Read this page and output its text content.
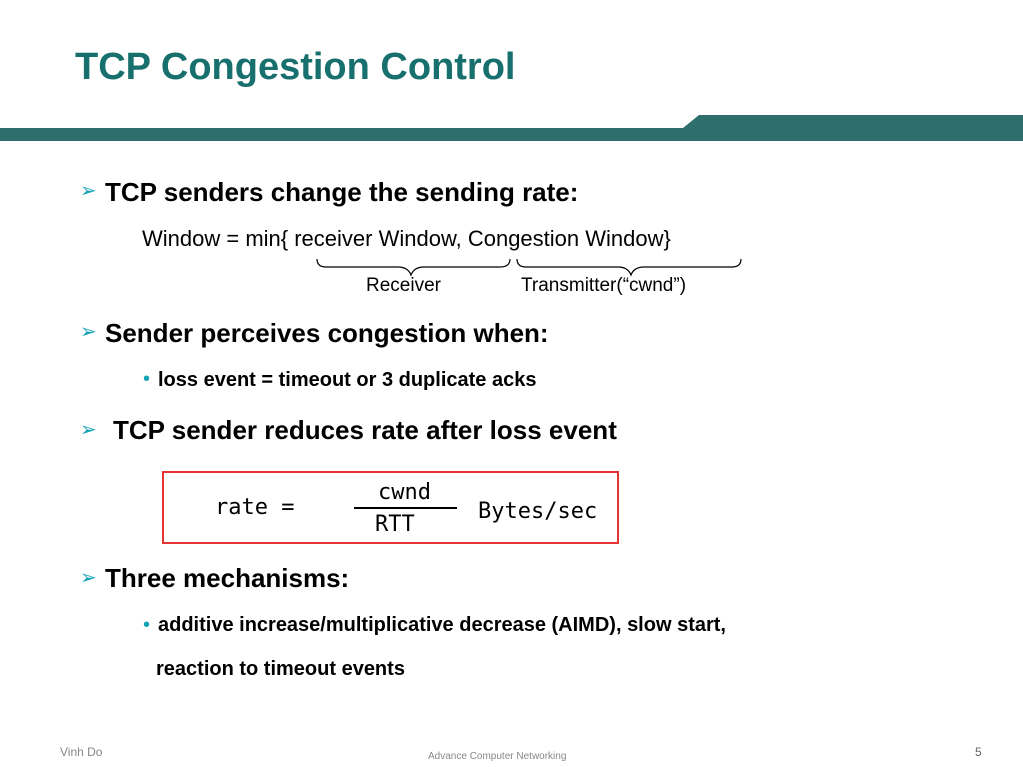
TCP Congestion Control
➢ TCP senders change the sending rate:
Window = min{ receiver Window, Congestion Window}
Receiver	Transmitter(“cwnd”)
➢ Sender perceives congestion when:
• loss event = timeout or 3 duplicate acks
➢ TCP sender reduces rate after loss event
rate =
cwnd
RTT
Bytes/sec
➢ Three mechanisms:
• additive increase/multiplicative decrease (AIMD), slow start,
reaction to timeout events
Vinh Do	Advance Computer Networking	5
